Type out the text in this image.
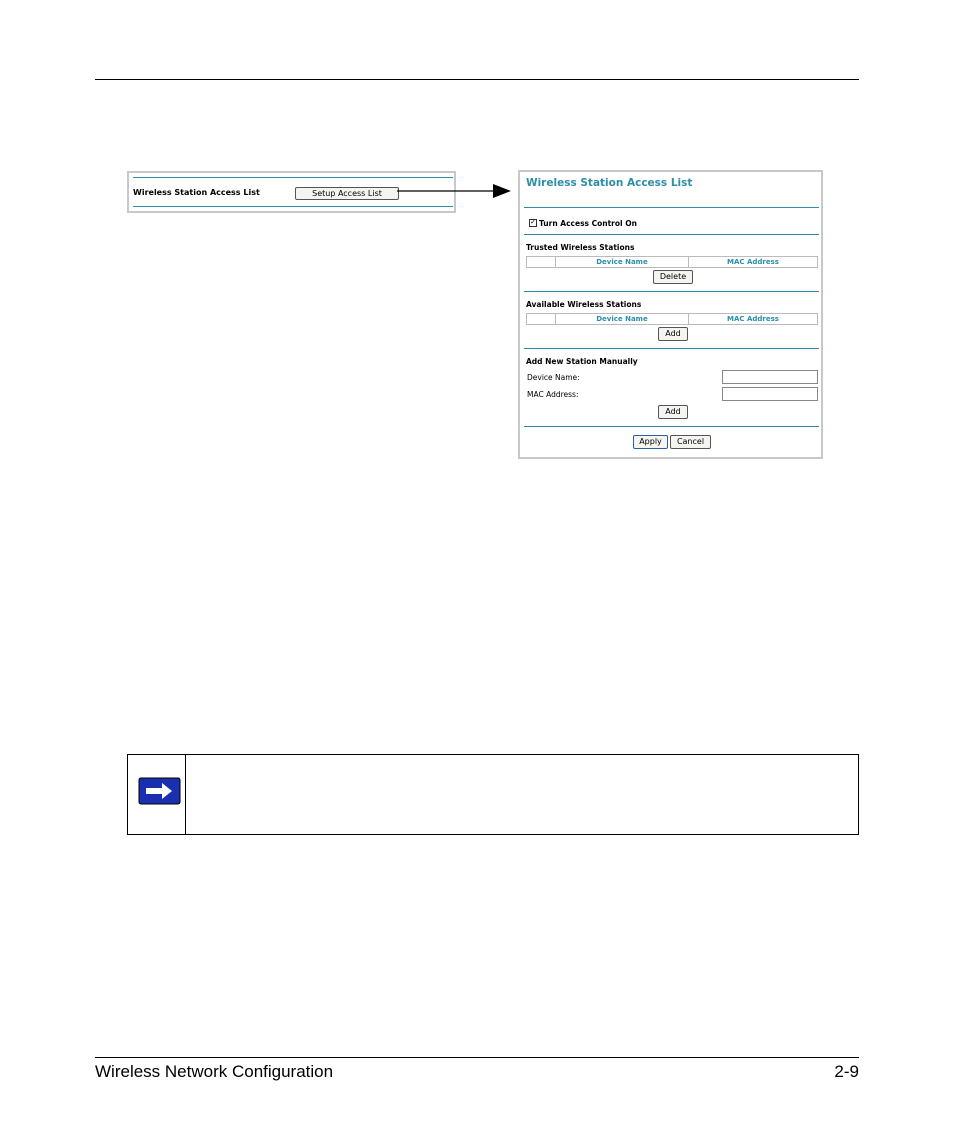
Wireless Station Access List	Setup Access List
Wireless Station Access List
✓ Turn Access Control On
Trusted Wireless Stations
Device Name	MAC Address
Delete
Available Wireless Stations
Device Name	MAC Address
Add
Add New Station Manually
Device Name:
MAC Address:
Add
Apply	Cancel
Wireless Network Configuration	2-9
